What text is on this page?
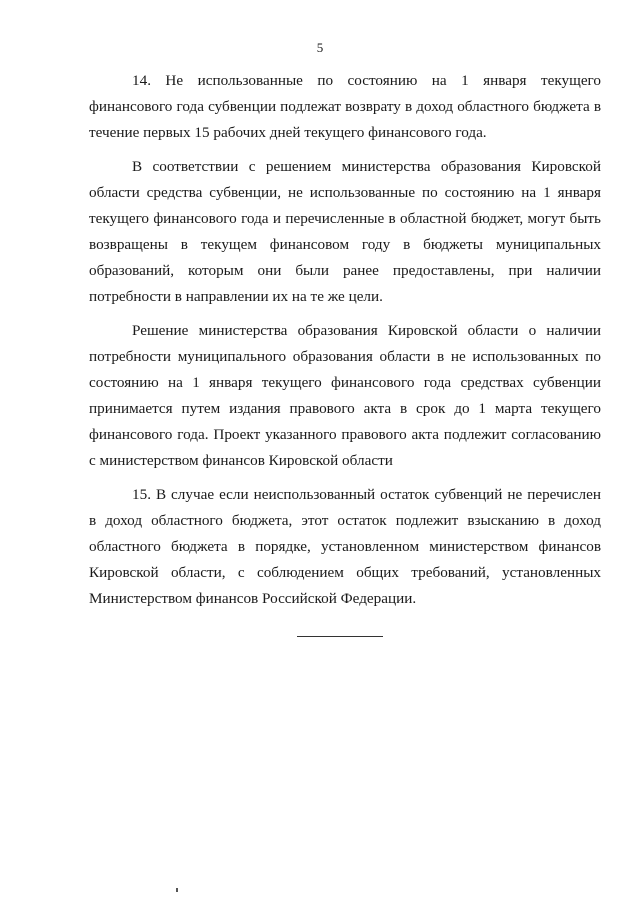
5

14. Не использованные по состоянию на 1 января текущего финансового года субвенции подлежат возврату в доход областного бюджета в течение первых 15 рабочих дней текущего финансового года.

В соответствии с решением министерства образования Кировской области средства субвенции, не использованные по состоянию на 1 января текущего финансового года и перечисленные в областной бюджет, могут быть возвращены в текущем финансовом году в бюджеты муниципальных образований, которым они были ранее предоставлены, при наличии потребности в направлении их на те же цели.

Решение министерства образования Кировской области о наличии потребности муниципального образования области в не использованных по состоянию на 1 января текущего финансового года средствах субвенции принимается путем издания правового акта в срок до 1 марта текущего финансового года. Проект указанного правового акта подлежит согласованию с министерством финансов Кировской области

15. В случае если неиспользованный остаток субвенций не перечислен в доход областного бюджета, этот остаток подлежит взысканию в доход областного бюджета в порядке, установленном министерством финансов Кировской области, с соблюдением общих требований, установленных Министерством финансов Российской Федерации.
